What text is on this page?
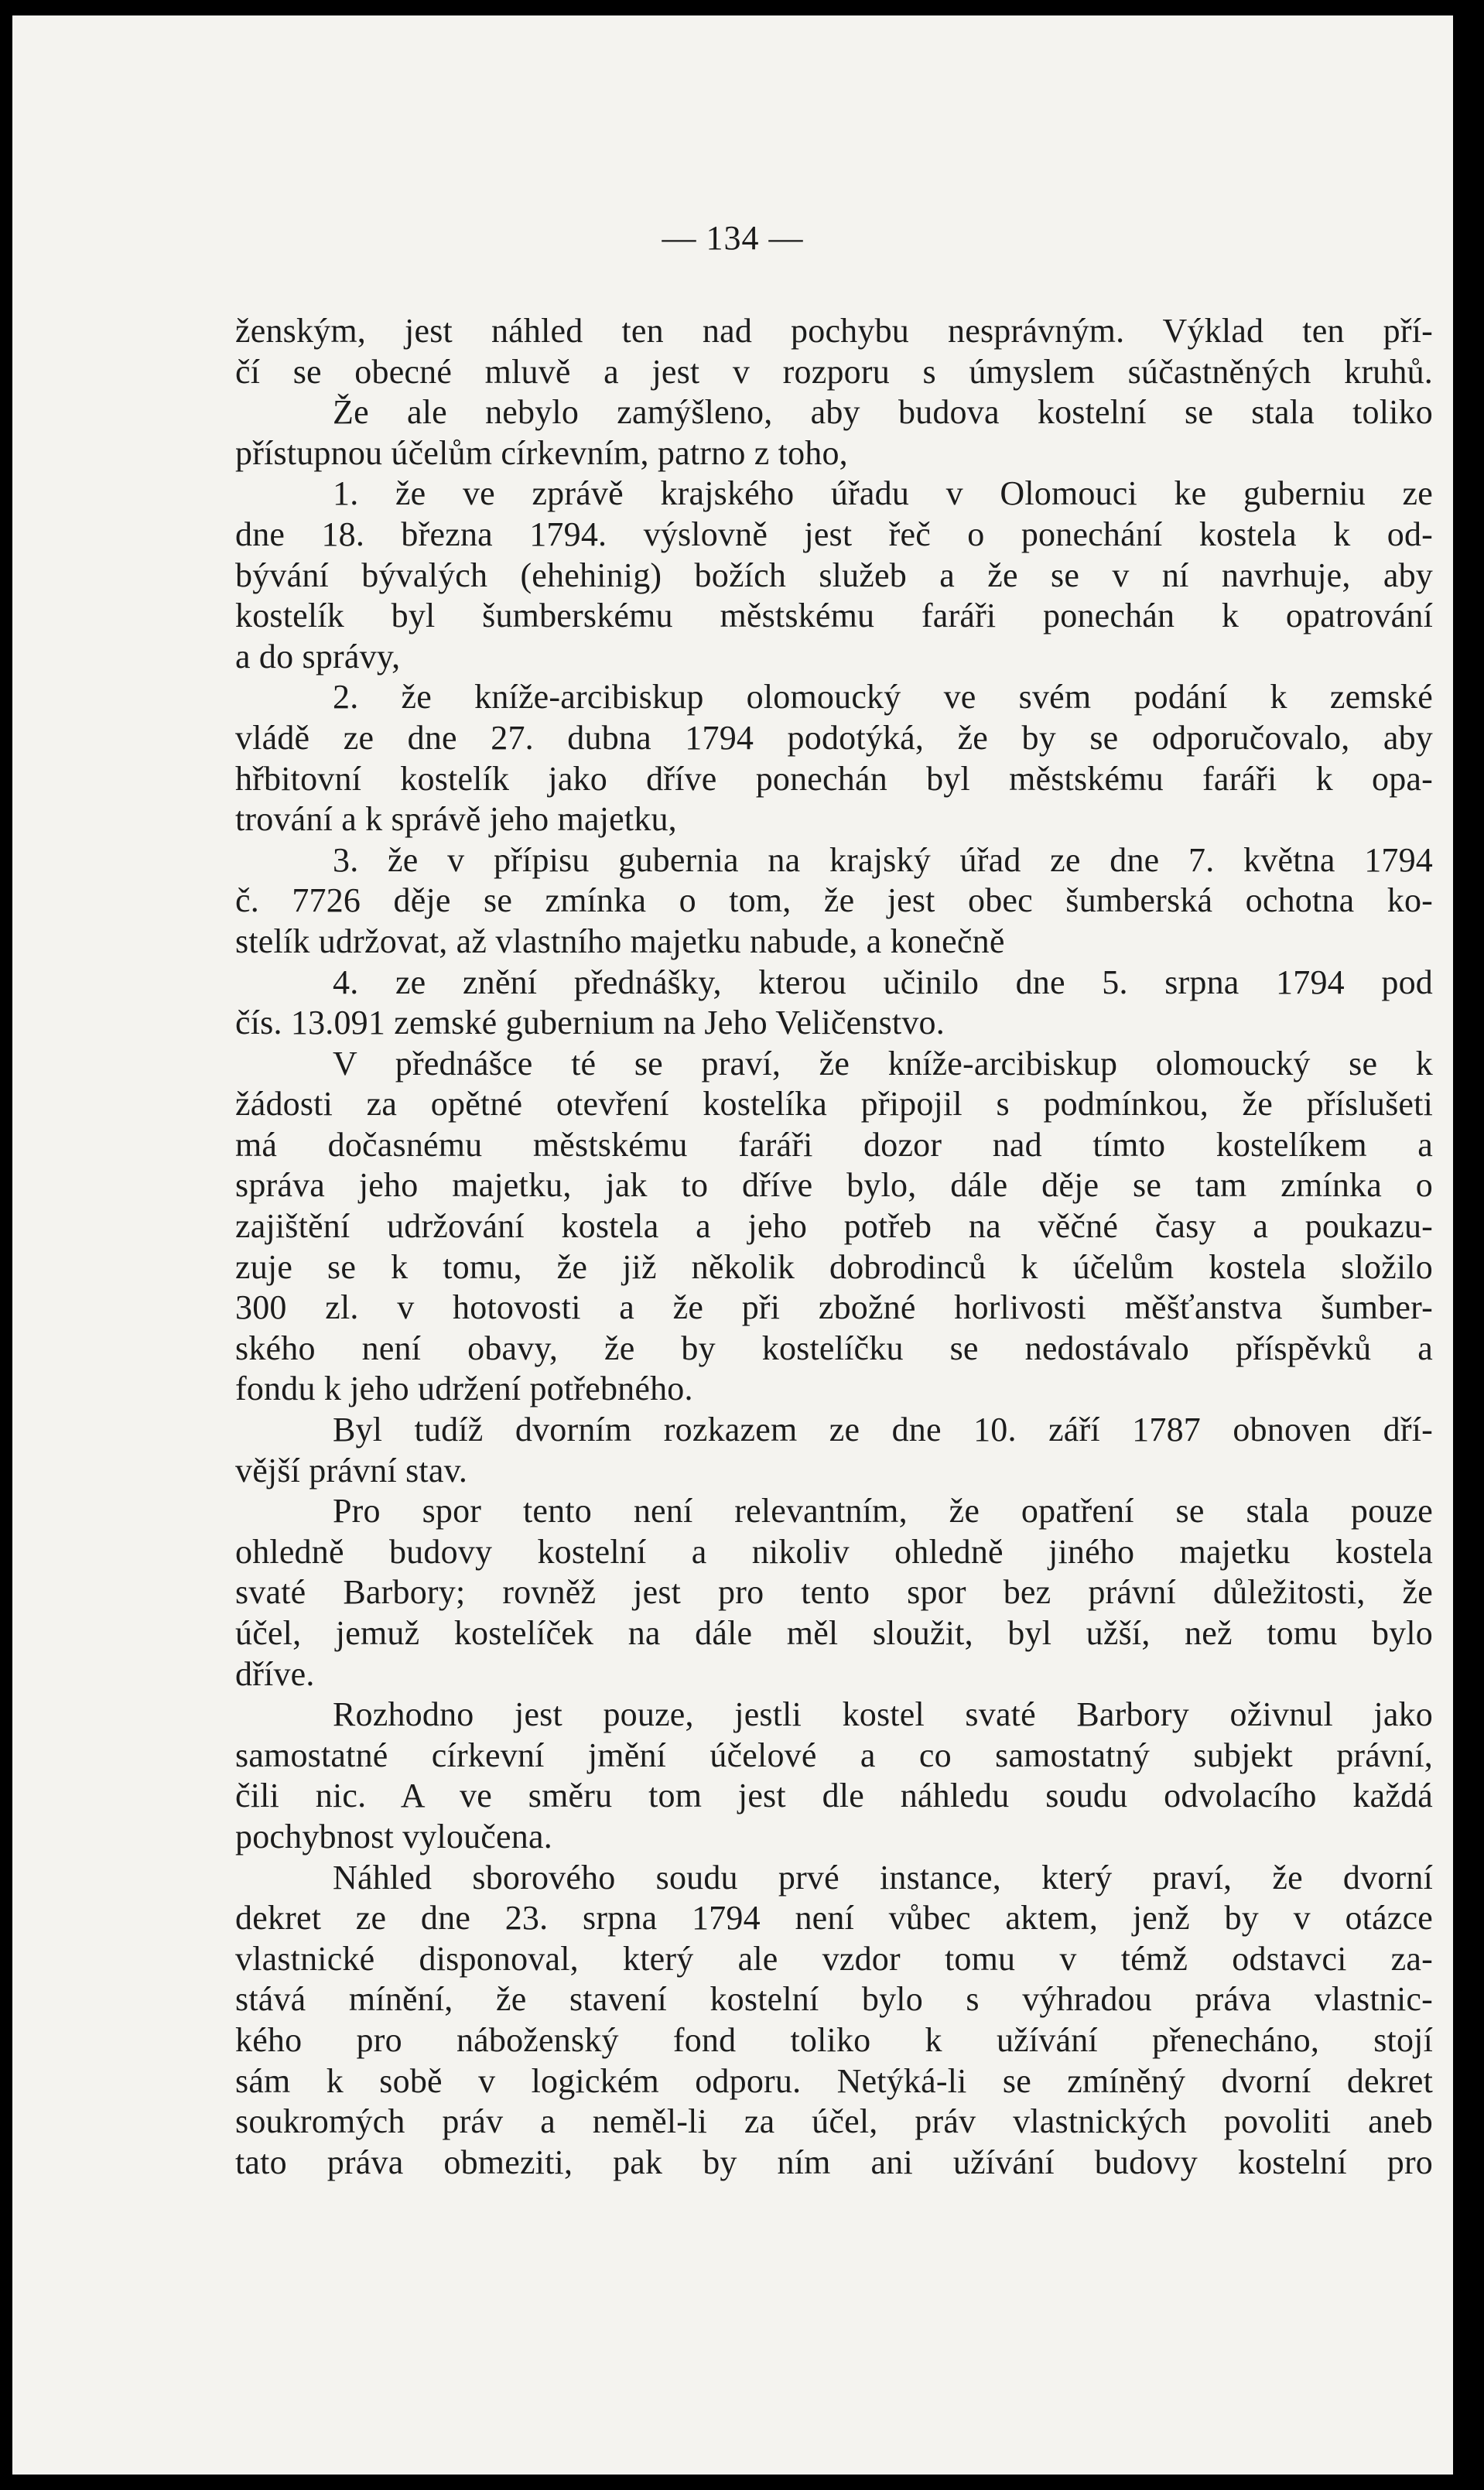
— 134 —
ženským, jest náhled ten nad pochybu nesprávným. Výklad ten pří-
čí se obecné mluvě a jest v rozporu s úmyslem súčastněných kruhů.
Že ale nebylo zamýšleno, aby budova kostelní se stala toliko
přístupnou účelům církevním, patrno z toho,
1. že ve zprávě krajského úřadu v Olomouci ke guberniu ze
dne 18. března 1794. výslovně jest řeč o ponechání kostela k od-
bývání bývalých (ehehinig) božích služeb a že se v ní navrhuje, aby
kostelík byl šumberskému městskému faráři ponechán k opatrování
a do správy,
2. že kníže-arcibiskup olomoucký ve svém podání k zemské
vládě ze dne 27. dubna 1794 podotýká, že by se odporučovalo, aby
hřbitovní kostelík jako dříve ponechán byl městskému faráři k opa-
trování a k správě jeho majetku,
3. že v přípisu gubernia na krajský úřad ze dne 7. května 1794
č. 7726 děje se zmínka o tom, že jest obec šumberská ochotna ko-
stelík udržovat, až vlastního majetku nabude, a konečně
4. ze znění přednášky, kterou učinilo dne 5. srpna 1794 pod
čís. 13.091 zemské gubernium na Jeho Veličenstvo.
V přednášce té se praví, že kníže-arcibiskup olomoucký se k
žádosti za opětné otevření kostelíka připojil s podmínkou, že příslušeti
má dočasnému městskému faráři dozor nad tímto kostelíkem a
správa jeho majetku, jak to dříve bylo, dále děje se tam zmínka o
zajištění udržování kostela a jeho potřeb na věčné časy a poukazu-
zuje se k tomu, že již několik dobrodinců k účelům kostela složilo
300 zl. v hotovosti a že při zbožné horlivosti měšťanstva šumber-
ského není obavy, že by kostelíčku se nedostávalo příspěvků a
fondu k jeho udržení potřebného.
Byl tudíž dvorním rozkazem ze dne 10. září 1787 obnoven dří-
vější právní stav.
Pro spor tento není relevantním, že opatření se stala pouze
ohledně budovy kostelní a nikoliv ohledně jiného majetku kostela
svaté Barbory; rovněž jest pro tento spor bez právní důležitosti, že
účel, jemuž kostelíček na dále měl sloužit, byl užší, než tomu bylo
dříve.
Rozhodno jest pouze, jestli kostel svaté Barbory oživnul jako
samostatné církevní jmění účelové a co samostatný subjekt právní,
čili nic. A ve směru tom jest dle náhledu soudu odvolacího každá
pochybnost vyloučena.
Náhled sborového soudu prvé instance, který praví, že dvorní
dekret ze dne 23. srpna 1794 není vůbec aktem, jenž by v otázce
vlastnické disponoval, který ale vzdor tomu v témž odstavci za-
stává mínění, že stavení kostelní bylo s výhradou práva vlastnic-
kého pro náboženský fond toliko k užívání přenecháno, stojí
sám k sobě v logickém odporu. Netýká-li se zmíněný dvorní dekret
soukromých práv a neměl-li za účel, práv vlastnických povoliti aneb
tato práva obmeziti, pak by ním ani užívání budovy kostelní pro
